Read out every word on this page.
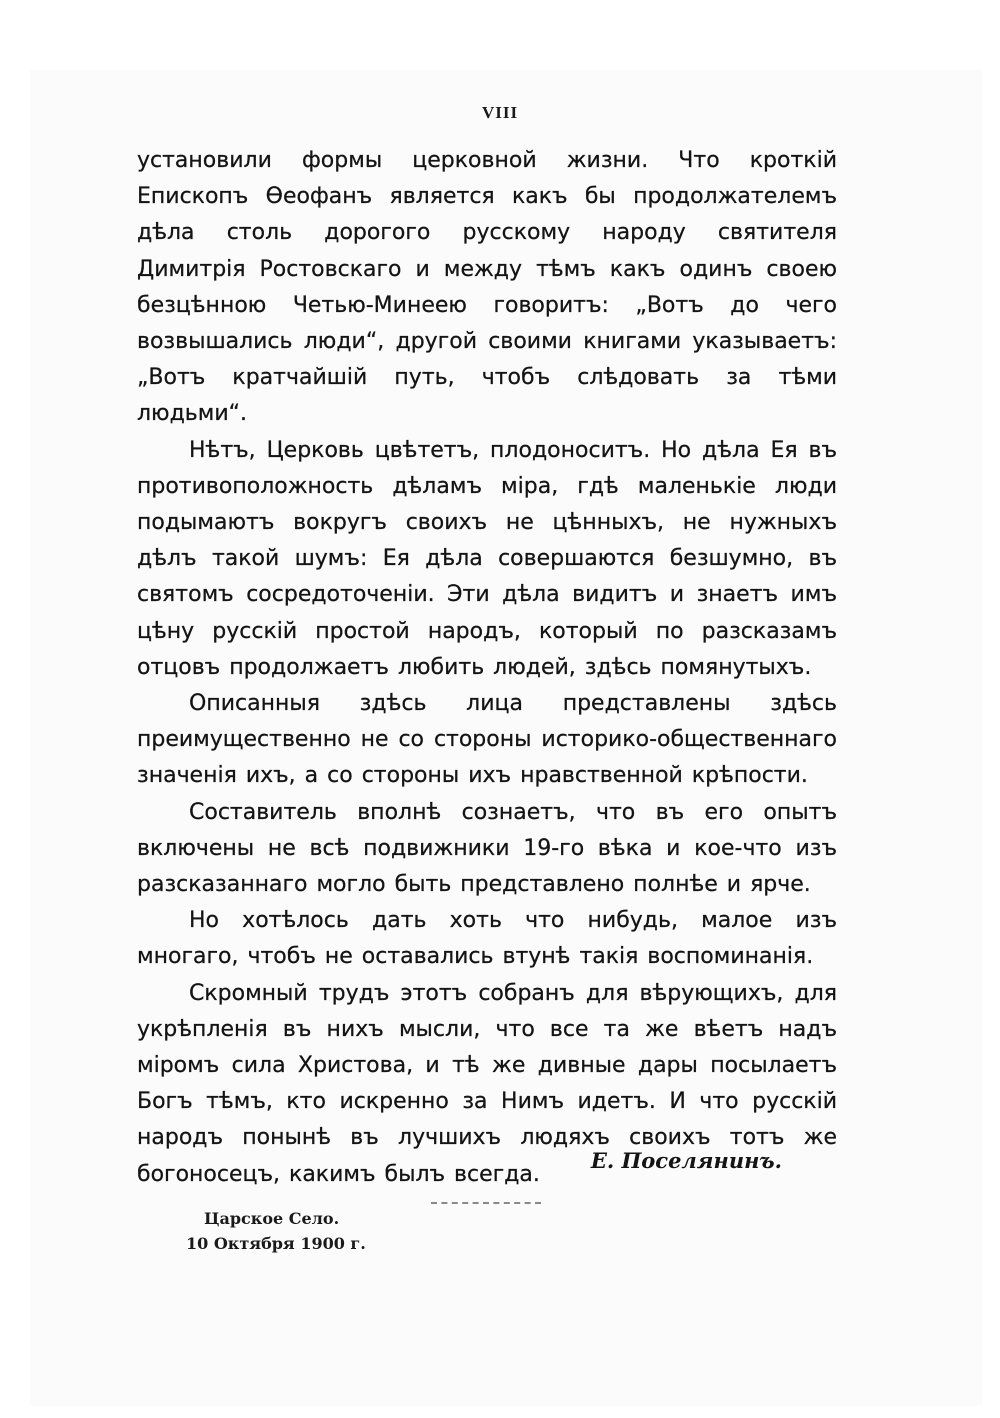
VIII

установили формы церковной жизни. Что кроткій Епископъ Ѳеофанъ является какъ бы продолжателемъ дѣла столь дорогого русскому народу святителя Димитрія Ростовскаго и между тѣмъ какъ одинъ своею безцѣнною Четью-Минеею говоритъ: „Вотъ до чего возвышались люди“, другой своими книгами указываетъ: „Вотъ кратчайшій путь, чтобъ слѣдовать за тѣми людьми“.

Нѣтъ, Церковь цвѣтетъ, плодоноситъ. Но дѣла Ея въ противоположность дѣламъ міра, гдѣ маленькіе люди подымаютъ вокругъ своихъ не цѣнныхъ, не нужныхъ дѣлъ такой шумъ: Ея дѣла совершаются безшумно, въ святомъ сосредоточеніи. Эти дѣла видитъ и знаетъ имъ цѣну русскій простой народъ, который по разсказамъ отцовъ продолжаетъ любить людей, здѣсь помянутыхъ.

Описанныя здѣсь лица представлены здѣсь преимущественно не со стороны историко-общественнаго значенія ихъ, а со стороны ихъ нравственной крѣпости.

Составитель вполнѣ сознаетъ, что въ его опытъ включены не всѣ подвижники 19-го вѣка и кое-что изъ разсказаннаго могло быть представлено полнѣе и ярче.

Но хотѣлось дать хоть что нибудь, малое изъ многаго, чтобъ не оставались втунѣ такія воспоминанія.

Скромный трудъ этотъ собранъ для вѣрующихъ, для укрѣпленія въ нихъ мысли, что все та же вѣетъ надъ міромъ сила Христова, и тѣ же дивные дары посылаетъ Богъ тѣмъ, кто искренно за Нимъ идетъ. И что русскій народъ понынѣ въ лучшихъ людяхъ своихъ тотъ же богоносецъ, какимъ былъ всегда.

Е. Поселянинъ.
Царское Село.
10 Октября 1900 г.
